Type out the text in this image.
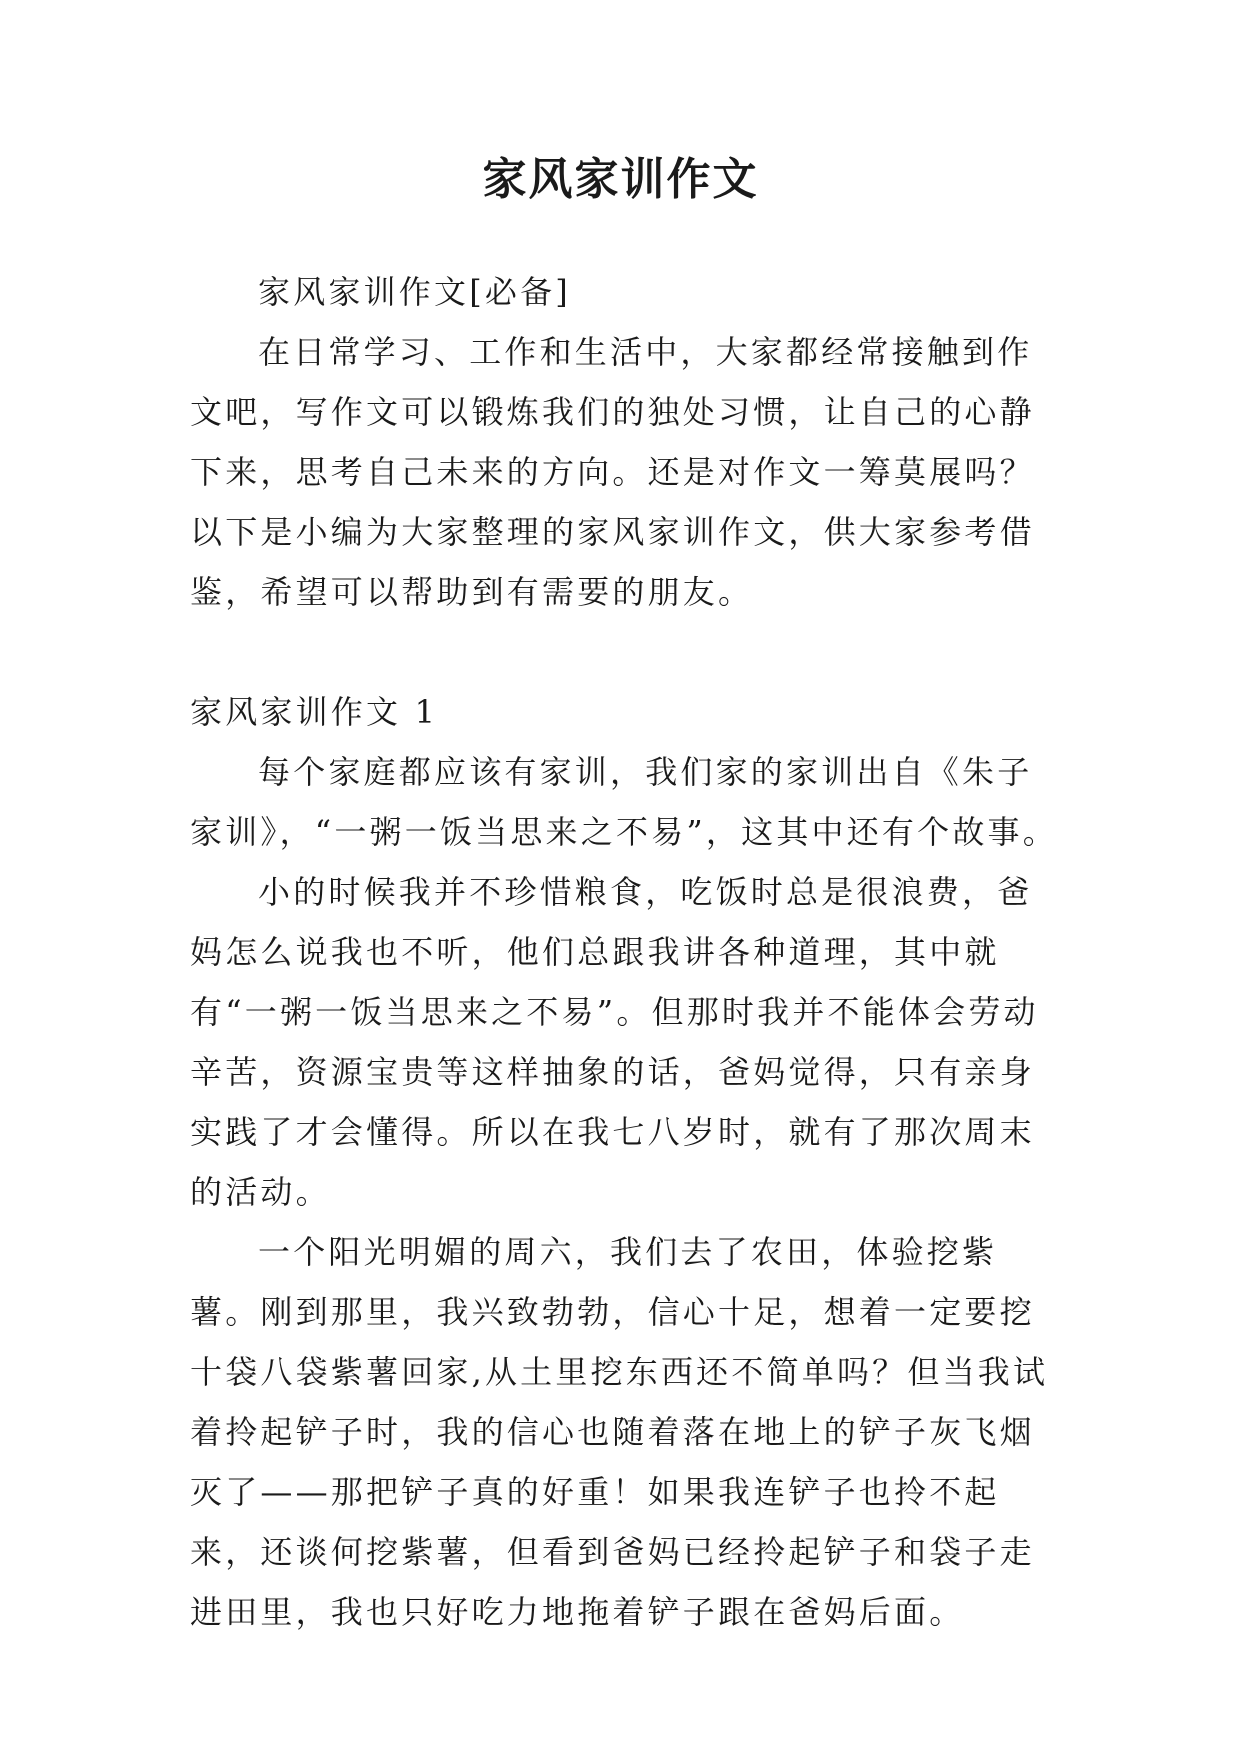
家风家训作文

家风家训作文[必备]

在日常学习、工作和生活中，大家都经常接触到作文吧，写作文可以锻炼我们的独处习惯，让自己的心静下来，思考自己未来的方向。还是对作文一筹莫展吗？以下是小编为大家整理的家风家训作文，供大家参考借鉴，希望可以帮助到有需要的朋友。

家风家训作文 1

每个家庭都应该有家训，我们家的家训出自《朱子家训》，“一粥一饭当思来之不易”，这其中还有个故事。

小的时候我并不珍惜粮食，吃饭时总是很浪费，爸妈怎么说我也不听，他们总跟我讲各种道理，其中就有“一粥一饭当思来之不易”。但那时我并不能体会劳动辛苦，资源宝贵等这样抽象的话，爸妈觉得，只有亲身实践了才会懂得。所以在我七八岁时，就有了那次周末的活动。

一个阳光明媚的周六，我们去了农田，体验挖紫薯。刚到那里，我兴致勃勃，信心十足，想着一定要挖十袋八袋紫薯回家,从土里挖东西还不简单吗？但当我试着拎起铲子时，我的信心也随着落在地上的铲子灰飞烟灭了——那把铲子真的好重！如果我连铲子也拎不起来，还谈何挖紫薯，但看到爸妈已经拎起铲子和袋子走进田里，我也只好吃力地拖着铲子跟在爸妈后面。
